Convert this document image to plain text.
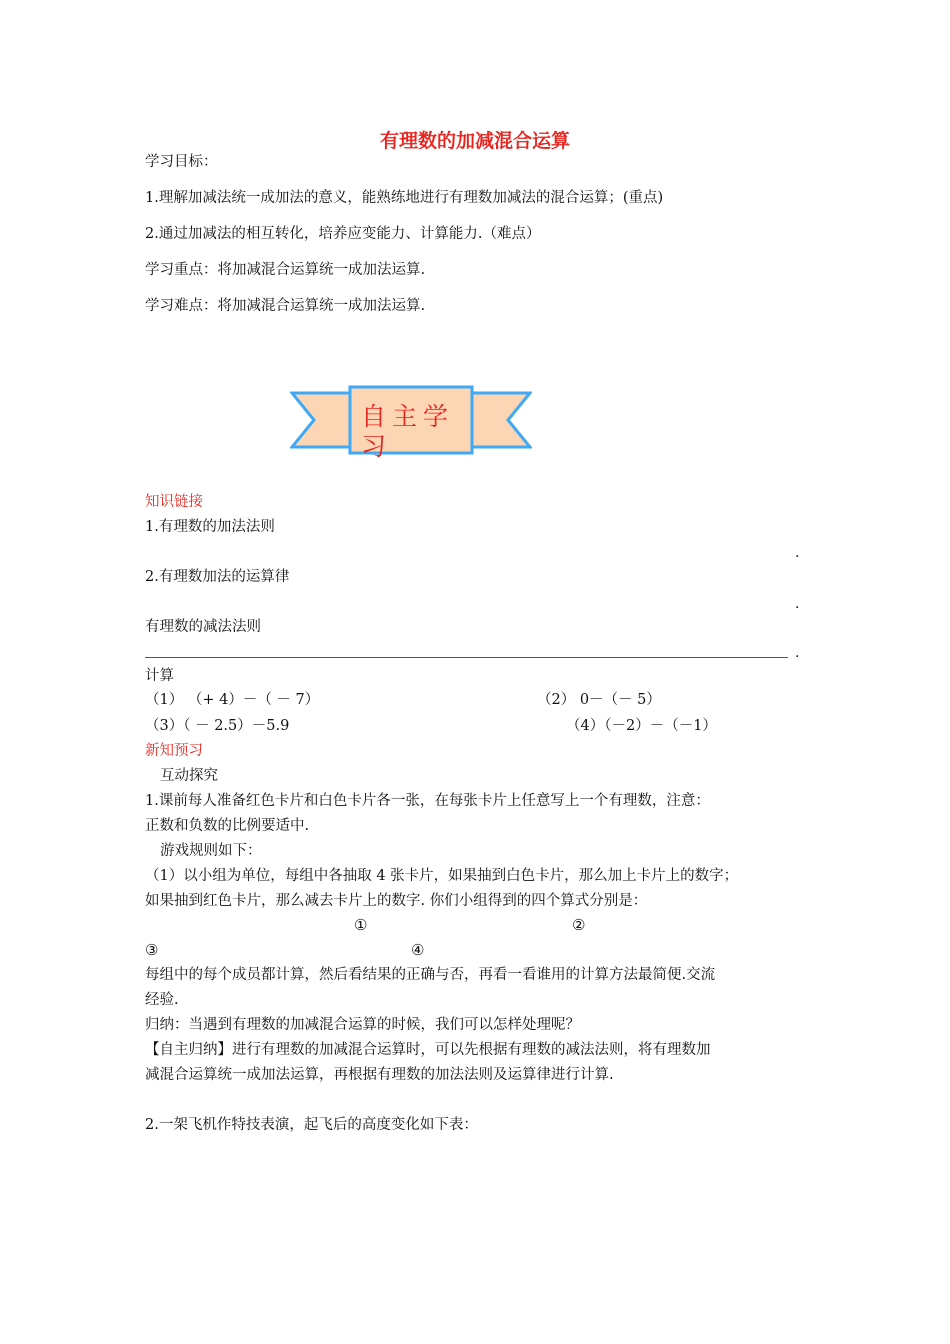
有理数的加减混合运算
学习目标：
1.理解加减法统一成加法的意义，能熟练地进行有理数加减法的混合运算；(重点)
2.通过加减法的相互转化，培养应变能力、计算能力.（难点）
学习重点：将加减混合运算统一成加法运算.
学习难点：将加减混合运算统一成加法运算.
自主学习
知识链接
1.有理数的加法法则
.
2.有理数加法的运算律
.
有理数的减法法则
.
计算
（1） （+ 4）－（ － 7）	（2） 0－（－ 5）
（3）（ － 2.5）－5.9	（4）（－2）－（－1）
新知预习
互动探究
1.课前每人准备红色卡片和白色卡片各一张，在每张卡片上任意写上一个有理数，注意：
正数和负数的比例要适中.
游戏规则如下：
（1）以小组为单位，每组中各抽取 4 张卡片，如果抽到白色卡片，那么加上卡片上的数字；
如果抽到红色卡片，那么减去卡片上的数字. 你们小组得到的四个算式分别是：
①	②
③	④
每组中的每个成员都计算，然后看结果的正确与否，再看一看谁用的计算方法最简便.交流
经验.
归纳：当遇到有理数的加减混合运算的时候，我们可以怎样处理呢？
【自主归纳】进行有理数的加减混合运算时，可以先根据有理数的减法法则，将有理数加
减混合运算统一成加法运算，再根据有理数的加法法则及运算律进行计算.
2.一架飞机作特技表演，起飞后的高度变化如下表：
